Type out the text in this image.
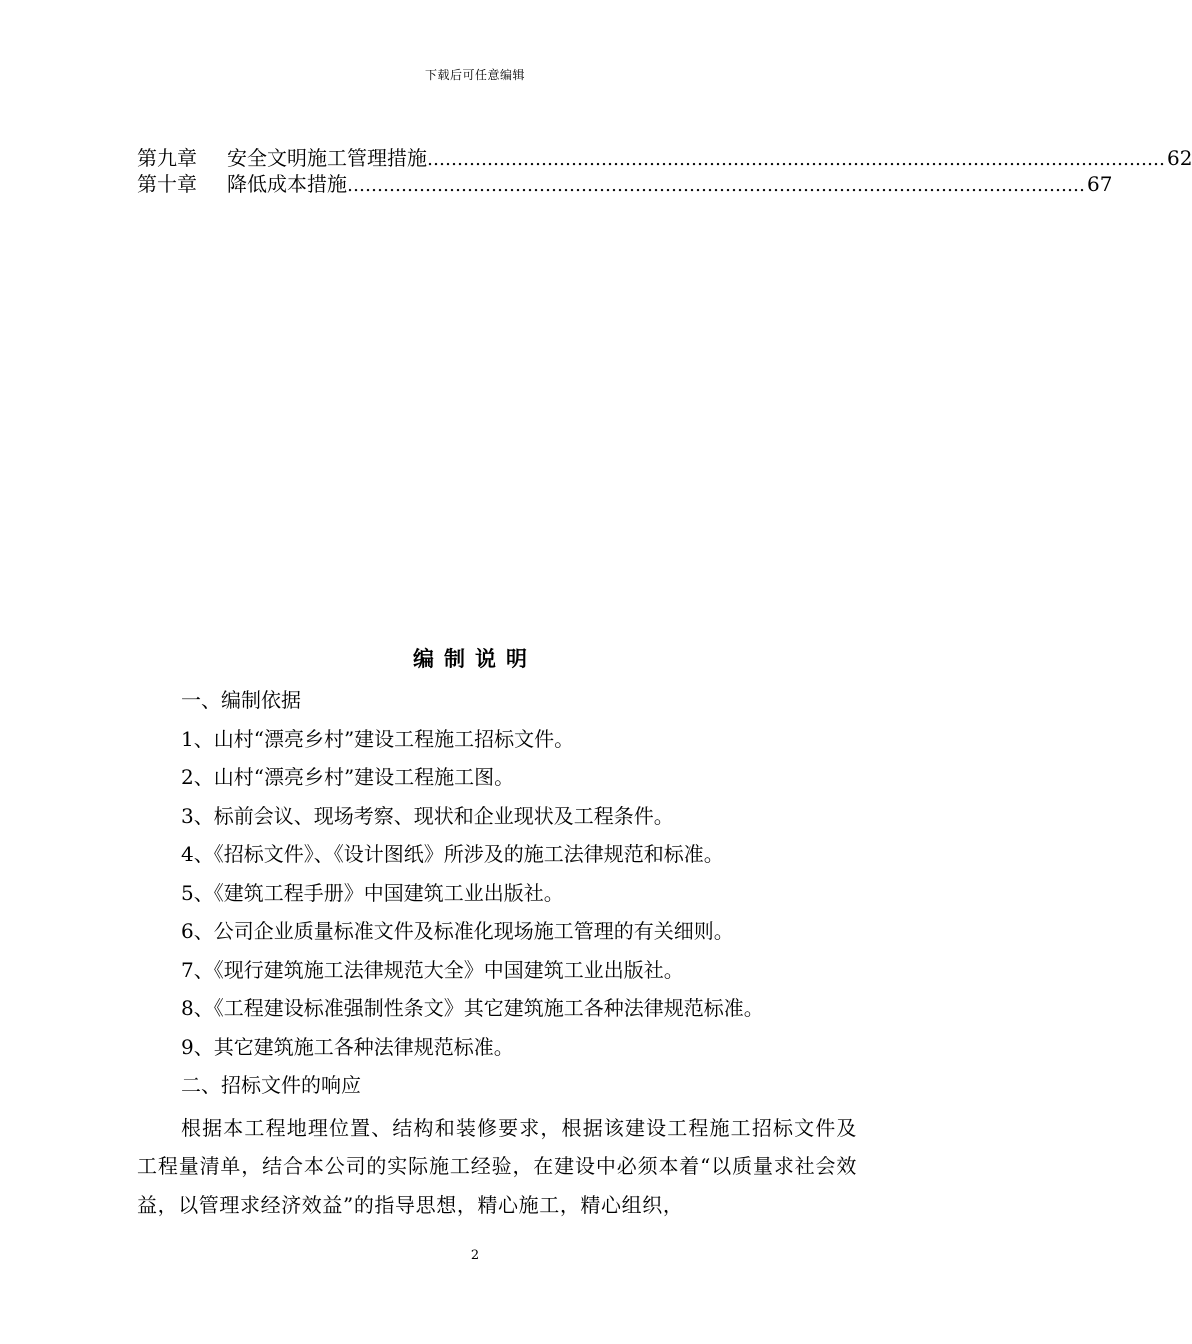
下载后可任意编辑
第九章	安全文明施工管理措施 …………………………………………………………………………………………………………… 62
第十章	降低成本措施 …………………………………………………………………………………………………………… 67
编制说明
一、编制依据
1、山村“漂亮乡村”建设工程施工招标文件。
2、山村“漂亮乡村”建设工程施工图。
3、标前会议、现场考察、现状和企业现状及工程条件。
4、《招标文件》、《设计图纸》所涉及的施工法律规范和标准。
5、《建筑工程手册》中国建筑工业出版社。
6、公司企业质量标准文件及标准化现场施工管理的有关细则。
7、《现行建筑施工法律规范大全》中国建筑工业出版社。
8、《工程建设标准强制性条文》其它建筑施工各种法律规范标准。
9、其它建筑施工各种法律规范标准。
二、招标文件的响应
根据本工程地理位置、结构和装修要求，根据该建设工程施工招标文件及工程量清单，结合本公司的实际施工经验，在建设中必须本着“以质量求社会效益，以管理求经济效益”的指导思想，精心施工，精心组织，
2
